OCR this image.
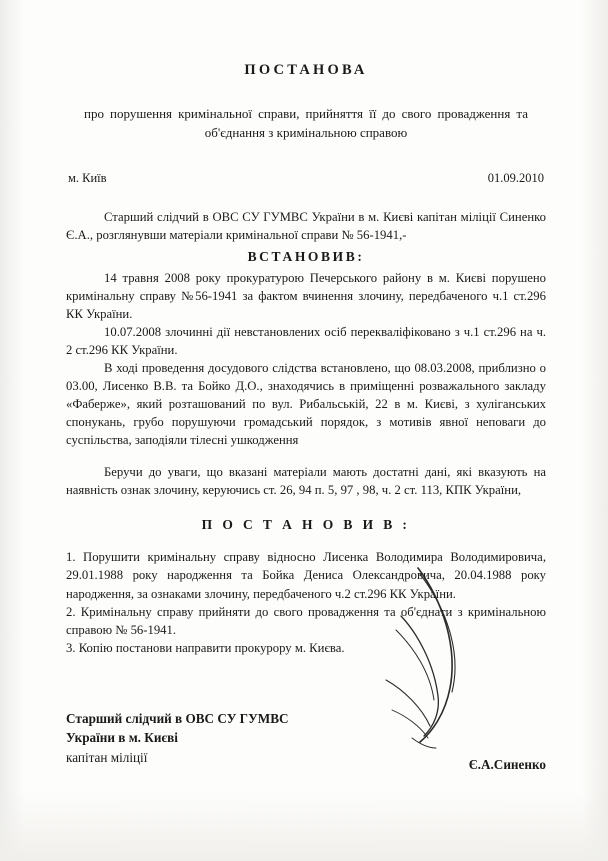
ПОСТАНОВА
про порушення кримінальної справи, прийняття її до свого провадження та
об'єднання з кримінальною справою
м. Київ	01.09.2010

Старший слідчий в ОВС СУ ГУМВС України в м. Києві капітан міліції Синенко Є.А., розглянувши матеріали кримінальної справи № 56-1941,-

ВСТАНОВИВ:

14 травня 2008 року прокуратурою Печерського району в м. Києві порушено кримінальну справу №56-1941 за фактом вчинення злочину, передбаченого ч.1 ст.296 КК України.

10.07.2008 злочинні дії невстановлених осіб перекваліфіковано з ч.1 ст.296 на ч. 2 ст.296 КК України.

В ході проведення досудового слідства встановлено, що 08.03.2008, приблизно о 03.00, Лисенко В.В. та Бойко Д.О., знаходячись в приміщенні розважального закладу «Фаберже», який розташований по вул. Рибальській, 22 в м. Києві, з хуліганських спонукань, грубо порушуючи громадський порядок, з мотивів явної неповаги до суспільства, заподіяли тілесні ушкодження

Беручи до уваги, що вказані матеріали мають достатні дані, які вказують на наявність ознак злочину, керуючись ст. 26, 94 п. 5, 97 , 98, ч. 2 ст. 113, КПК України,

П О С Т А Н О В И В :

1. Порушити кримінальну справу відносно Лисенка Володимира Володимировича, 29.01.1988 року народження та Бойка Дениса Олександровича, 20.04.1988 року народження, за ознаками злочину, передбаченого ч.2 ст.296 КК України.

2. Кримінальну справу прийняти до свого провадження та об'єднати з кримінальною справою № 56-1941.

3. Копію постанови направити прокурору м. Києва.

Старший слідчий в ОВС СУ ГУМВС
України в м. Києві
капітан міліції	Є.А.Синенко
